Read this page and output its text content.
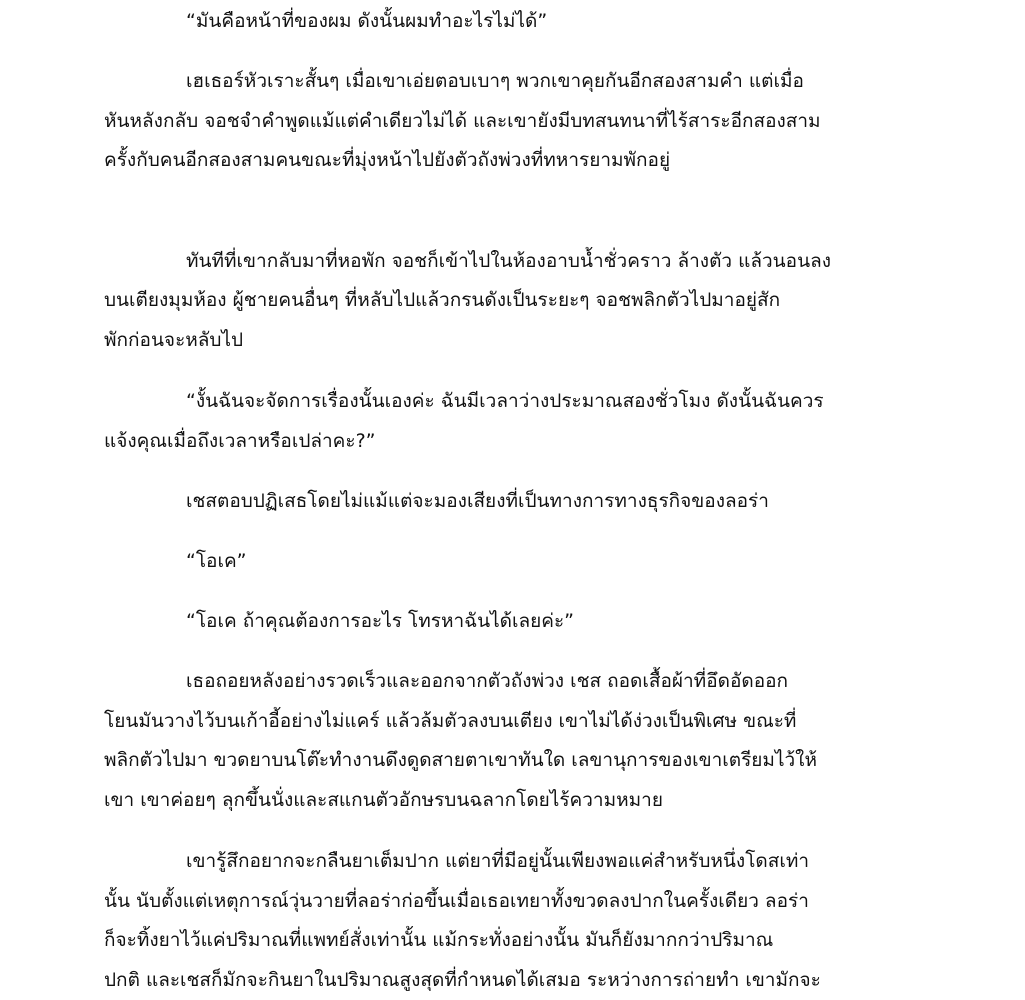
“มันคือหน้าที่ของผม ดังนั้นผมทำอะไรไม่ได้”
เฮเธอร์หัวเราะสั้นๆ เมื่อเขาเอ่ยตอบเบาๆ พวกเขาคุยกันอีกสองสามคำ แต่เมื่อ
หันหลังกลับ จอชจำคำพูดแม้แต่คำเดียวไม่ได้ และเขายังมีบทสนทนาที่ไร้สาระอีกสองสาม
ครั้งกับคนอีกสองสามคนขณะที่มุ่งหน้าไปยังตัวถังพ่วงที่ทหารยามพักอยู่
ทันทีที่เขากลับมาที่หอพัก จอชก็เข้าไปในห้องอาบน้ำชั่วคราว ล้างตัว แล้วนอนลง
บนเตียงมุมห้อง ผู้ชายคนอื่นๆ ที่หลับไปแล้วกรนดังเป็นระยะๆ จอชพลิกตัวไปมาอยู่สัก
พักก่อนจะหลับไป
“งั้นฉันจะจัดการเรื่องนั้นเองค่ะ ฉันมีเวลาว่างประมาณสองชั่วโมง ดังนั้นฉันควร
แจ้งคุณเมื่อถึงเวลาหรือเปล่าคะ?”
เชสตอบปฏิเสธโดยไม่แม้แต่จะมองเสียงที่เป็นทางการทางธุรกิจของลอร่า
“โอเค”
“โอเค ถ้าคุณต้องการอะไร โทรหาฉันได้เลยค่ะ”
เธอถอยหลังอย่างรวดเร็วและออกจากตัวถังพ่วง เชส ถอดเสื้อผ้าที่อึดอัดออก
โยนมันวางไว้บนเก้าอี้อย่างไม่แคร์ แล้วล้มตัวลงบนเตียง เขาไม่ได้ง่วงเป็นพิเศษ ขณะที่
พลิกตัวไปมา ขวดยาบนโต๊ะทำงานดึงดูดสายตาเขาทันใด เลขานุการของเขาเตรียมไว้ให้
เขา เขาค่อยๆ ลุกขึ้นนั่งและสแกนตัวอักษรบนฉลากโดยไร้ความหมาย
เขารู้สึกอยากจะกลืนยาเต็มปาก แต่ยาที่มีอยู่นั้นเพียงพอแค่สำหรับหนึ่งโดสเท่า
นั้น นับตั้งแต่เหตุการณ์วุ่นวายที่ลอร่าก่อขึ้นเมื่อเธอเทยาทั้งขวดลงปากในครั้งเดียว ลอร่า
ก็จะทิ้งยาไว้แค่ปริมาณที่แพทย์สั่งเท่านั้น แม้กระทั่งอย่างนั้น มันก็ยังมากกว่าปริมาณ
ปกติ และเชสก็มักจะกินยาในปริมาณสูงสุดที่กำหนดได้เสมอ ระหว่างการถ่ายทำ เขามักจะ
